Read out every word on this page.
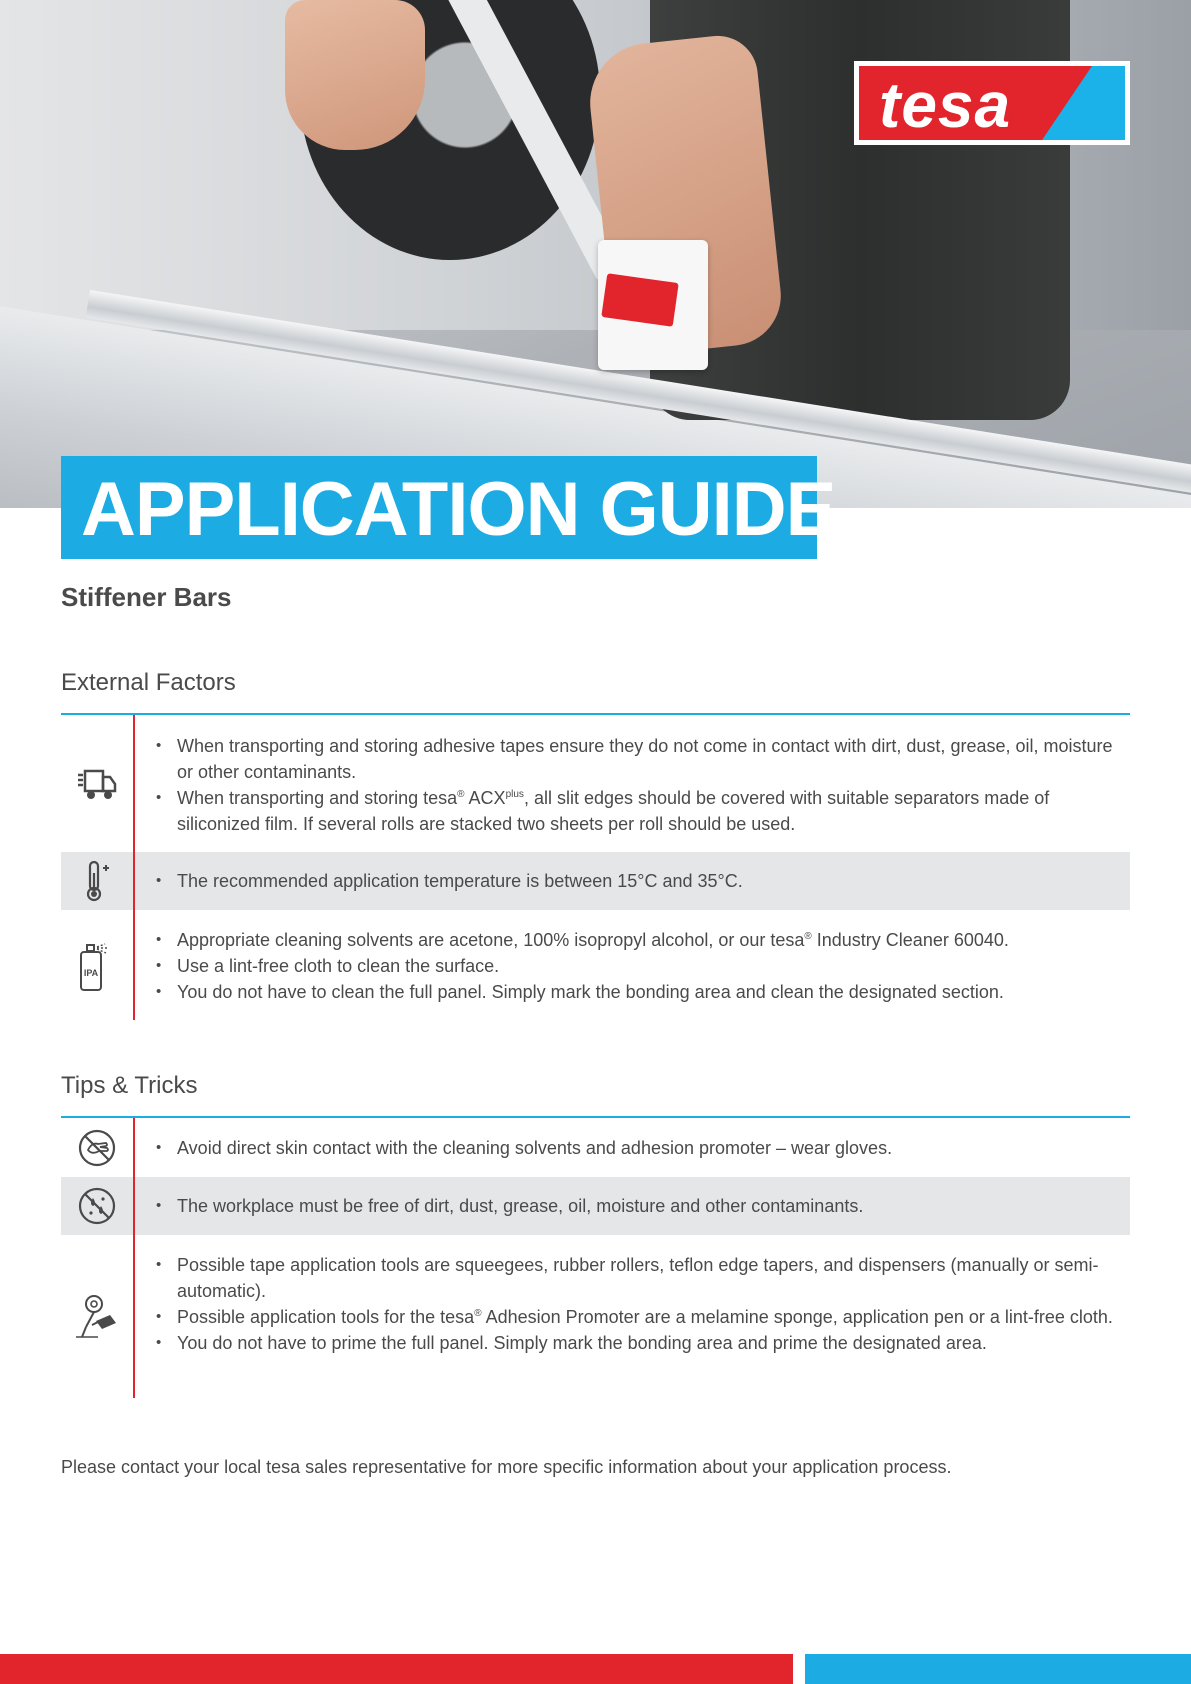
tesa
APPLICATION GUIDE
Stiffener Bars
External Factors
• When transporting and storing adhesive tapes ensure they do not come in contact with dirt, dust, grease, oil, moisture or other contaminants.
• When transporting and storing tesa® $ACX^{plus}$, all slit edges should be covered with suitable separators made of siliconized film. If several rolls are stacked two sheets per roll should be used.
• The recommended application temperature is between 15°C and 35°C.
IPA
• Appropriate cleaning solvents are acetone, 100% isopropyl alcohol, or our tesa® Industry Cleaner 60040.
• Use a lint-free cloth to clean the surface.
• You do not have to clean the full panel. Simply mark the bonding area and clean the designated section.
Tips & Tricks
• Avoid direct skin contact with the cleaning solvents and adhesion promoter – wear gloves.
• The workplace must be free of dirt, dust, grease, oil, moisture and other contaminants.
• Possible tape application tools are squeegees, rubber rollers, teflon edge tapers, and dispensers (manually or semi-automatic).
• Possible application tools for the tesa® Adhesion Promoter are a melamine sponge, application pen or a lint-free cloth.
• You do not have to prime the full panel. Simply mark the bonding area and prime the designated area.
Please contact your local tesa sales representative for more specific information about your application process.
